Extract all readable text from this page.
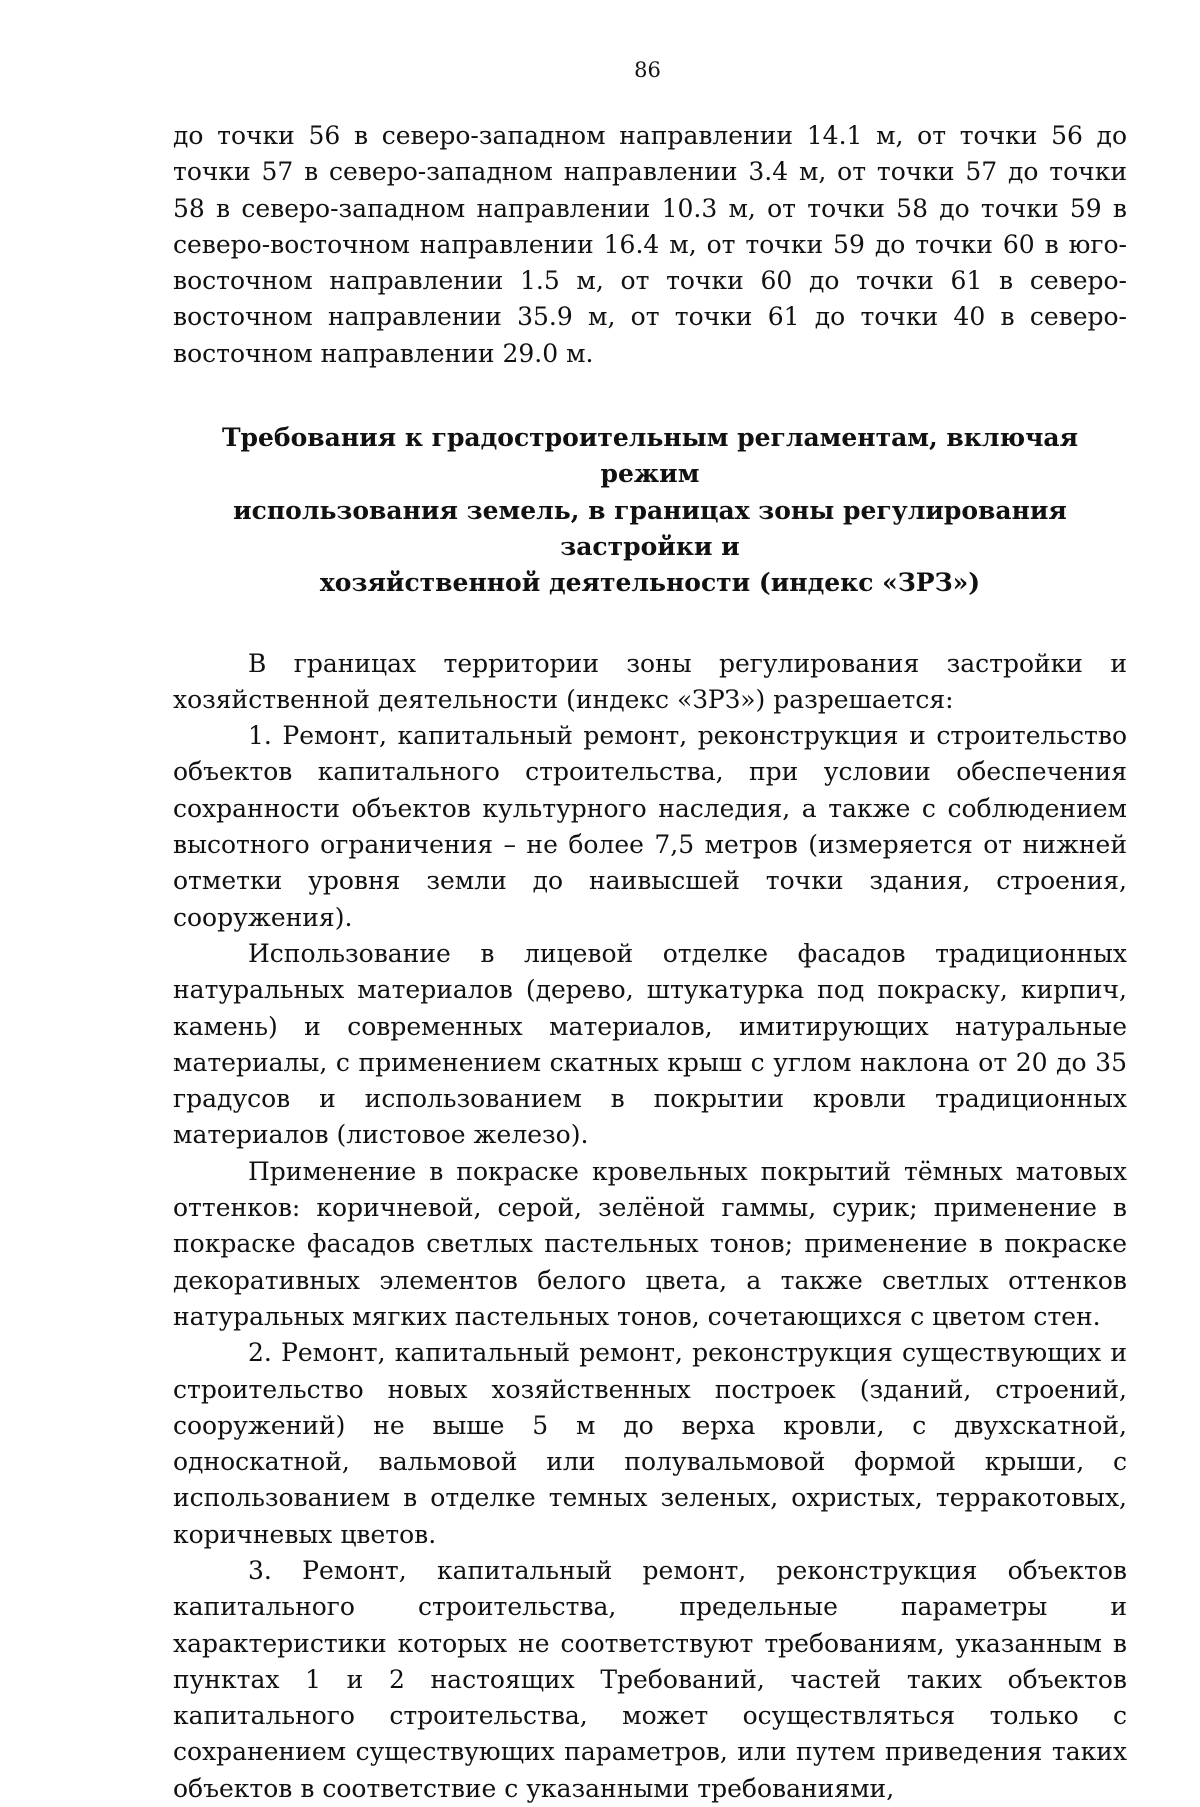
86

до точки 56 в северо-западном направлении 14.1 м, от точки 56 до точки 57 в северо-западном направлении 3.4 м, от точки 57 до точки 58 в северо-западном направлении 10.3 м, от точки 58 до точки 59 в северо-восточном направлении 16.4 м, от точки 59 до точки 60 в юго-восточном направлении 1.5 м, от точки 60 до точки 61 в северо-восточном направлении 35.9 м, от точки 61 до точки 40 в северо-восточном направлении 29.0 м.

Требования к градостроительным регламентам, включая режим
использования земель, в границах зоны регулирования застройки и
хозяйственной деятельности (индекс «ЗРЗ»)

В границах территории зоны регулирования застройки и хозяйственной деятельности (индекс «ЗРЗ») разрешается:

1. Ремонт, капитальный ремонт, реконструкция и строительство объектов капитального строительства, при условии обеспечения сохранности объектов культурного наследия, а также с соблюдением высотного ограничения – не более 7,5 метров (измеряется от нижней отметки уровня земли до наивысшей точки здания, строения, сооружения).

Использование в лицевой отделке фасадов традиционных натуральных материалов (дерево, штукатурка под покраску, кирпич, камень) и современных материалов, имитирующих натуральные материалы, с применением скатных крыш с углом наклона от 20 до 35 градусов и использованием в покрытии кровли традиционных материалов (листовое железо).

Применение в покраске кровельных покрытий тёмных матовых оттенков: коричневой, серой, зелёной гаммы, сурик; применение в покраске фасадов светлых пастельных тонов; применение в покраске декоративных элементов белого цвета, а также светлых оттенков натуральных мягких пастельных тонов, сочетающихся с цветом стен.

2. Ремонт, капитальный ремонт, реконструкция существующих и строительство новых хозяйственных построек (зданий, строений, сооружений) не выше 5 м до верха кровли, с двухскатной, односкатной, вальмовой или полувальмовой формой крыши, с использованием в отделке темных зеленых, охристых, терракотовых, коричневых цветов.

3. Ремонт, капитальный ремонт, реконструкция объектов капитального строительства, предельные параметры и характеристики которых не соответствуют требованиям, указанным в пунктах 1 и 2 настоящих Требований, частей таких объектов капитального строительства, может осуществляться только с сохранением существующих параметров, или путем приведения таких объектов в соответствие с указанными требованиями,
